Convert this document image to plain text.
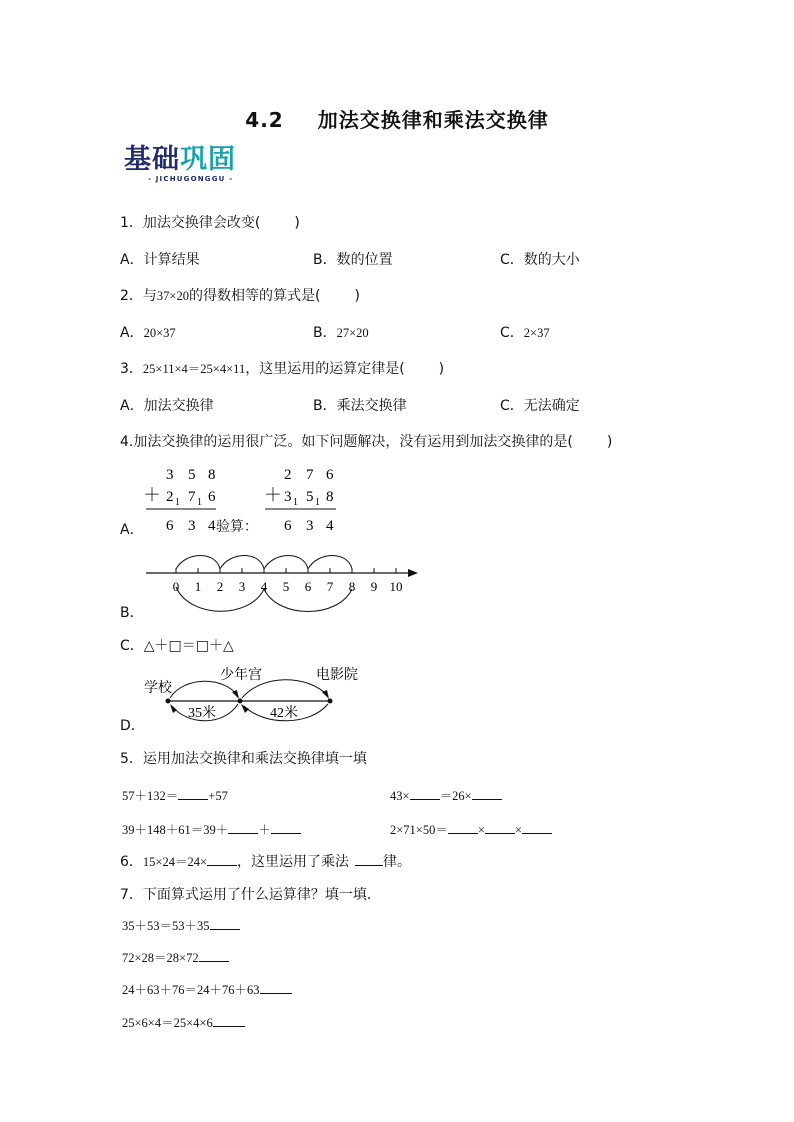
4.2 加法交换律和乘法交换律
基础巩固
- JICHUGONGGU -
1．加法交换律会改变( )
A．计算结果	B．数的位置	C．数的大小
2．与37×20的得数相等的算式是( )
A．20×37	B．27×20	C．2×37
3．25×11×4＝25×4×11，这里运用的运算定律是( )
A．加法交换律	B．乘法交换律	C．无法确定
4.加法交换律的运用很广泛。如下问题解决，没有运用到加法交换律的是( )
3 5 8
＋ 2 1 7 1 6
6 3 4
2 7 6
＋ 3 1 5 1 8
6 3 4
A．	验算：
0 1 2 3 4 5 6 7 8 9 10
B．
C．△＋□＝□＋△
学校
少年宫	电影院
35米	42米
D．
5．运用加法交换律和乘法交换律填一填
57＋132＝ +57	43× ＝26×
39＋148＋61＝39＋ ＋	2×71×50＝ × ×
6．15×24＝24× ，这里运用了乘法 律。
7．下面算式运用了什么运算律？填一填.
35＋53＝53＋35
72×28＝28×72
24＋63＋76＝24＋76＋63
25×6×4＝25×4×6
